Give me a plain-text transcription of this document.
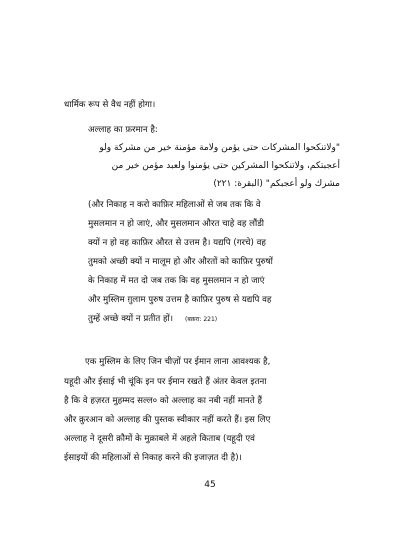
धार्मिक रूप से वैध नहीं होगा।
अल्लाह का फ़रमान है:
"ولاتنكحوا المشركات حتى يؤمن ولامة مؤمنة خير من مشركة ولو
أعجبتكم، ولاتنكحوا المشركين حتى يؤمنوا ولعبد مؤمن خير من
مشرك ولو أعجبكم" (البقرة: ٢٢١)
(और निकाह न करो काफ़िर महिलाओं से जब तक कि वे
मुसलमान न हो जाएं, और मुसलमान औरत चाहे वह लौंडी
क्यों न हो वह काफ़िर औरत से उत्तम है। यद्यपि (गरचे) वह
तुमको अच्छी क्यों न मालूम हो और औरतों को काफ़िर पुरुषों
के निकाह में मत दो जब तक कि वह मुसलमान न हो जाएं
और मुस्लिम ग़ुलाम पुरुष उत्तम है काफ़िर पुरुष से यद्यपि वह
तुम्हें अच्छे क्यों न प्रतीत हों। (बक़रा: 221)
एक मुस्लिम के लिए जिन चीज़ों पर ईमान लाना आवश्यक है,
यहूदी और ईसाई भी चूंकि इन पर ईमान रखते हैं अंतर केवल इतना
है कि वे हज़रत मुहम्मद सल्ल० को अल्लाह का नबी नहीं मानते हैं
और क़ुरआन को अल्लाह की पुस्तक स्वीकार नहीं करते हैं। इस लिए
अल्लाह ने दूसरी क़ौमों के मुक़ाबले में अहले किताब (यहूदी एवं
ईसाइयों की महिलाओं से निकाह करने की इजाज़त दी है)।
45
